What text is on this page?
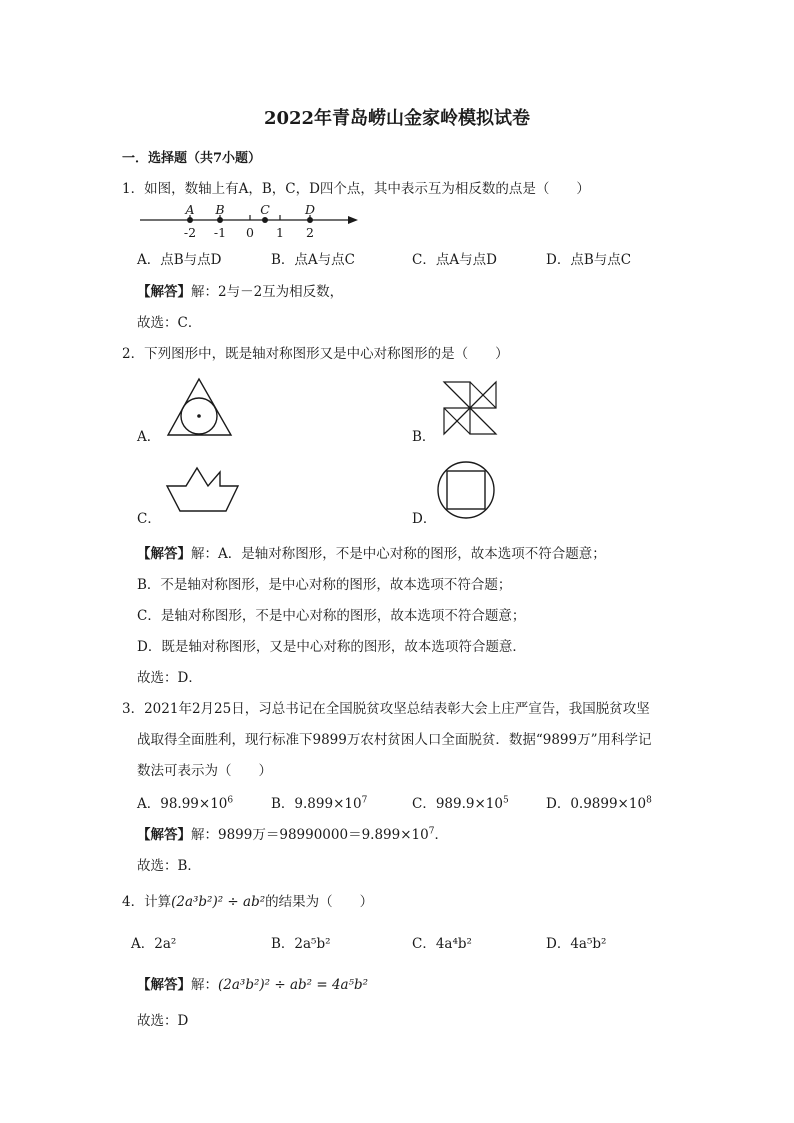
2022年青岛崂山金家岭模拟试卷
一．选择题（共7小题）
1．如图，数轴上有A，B，C，D四个点，其中表示互为相反数的点是（　　）
-2 -1 0 1 2
A B	C	D
A．点B与点D	B．点A与点C	C．点A与点D	D．点B与点C
【解答】解：2与－2互为相反数，
故选：C．
2．下列图形中，既是轴对称图形又是中心对称图形的是（　　）
A．	B．
C．	D．
【解答】解：A．是轴对称图形，不是中心对称的图形，故本选项不符合题意；
B．不是轴对称图形，是中心对称的图形，故本选项不符合题；
C．是轴对称图形，不是中心对称的图形，故本选项不符合题意；
D．既是轴对称图形，又是中心对称的图形，故本选项符合题意．
故选：D．
3．2021年2月25日，习总书记在全国脱贫攻坚总结表彰大会上庄严宣告，我国脱贫攻坚
战取得全面胜利，现行标准下9899万农村贫困人口全面脱贫．数据“9899万”用科学记
数法可表示为（　　）
A．$98.99\times 10^6$	B．$9.899\times 10^7$	C．$989.9\times 10^5$	D．$0.9899\times 10^8$
【解答】解：9899万$=98990000=9.899\times 10^7$．
故选：B．
4．计算(2a³b²)² ÷ ab²的结果为（　　）
A．2a²	B．2a⁵b²	C．4a⁴b²	D．4a⁵b²
【解答】解：(2a³b²)² ÷ ab² = 4a⁵b²
故选：D
